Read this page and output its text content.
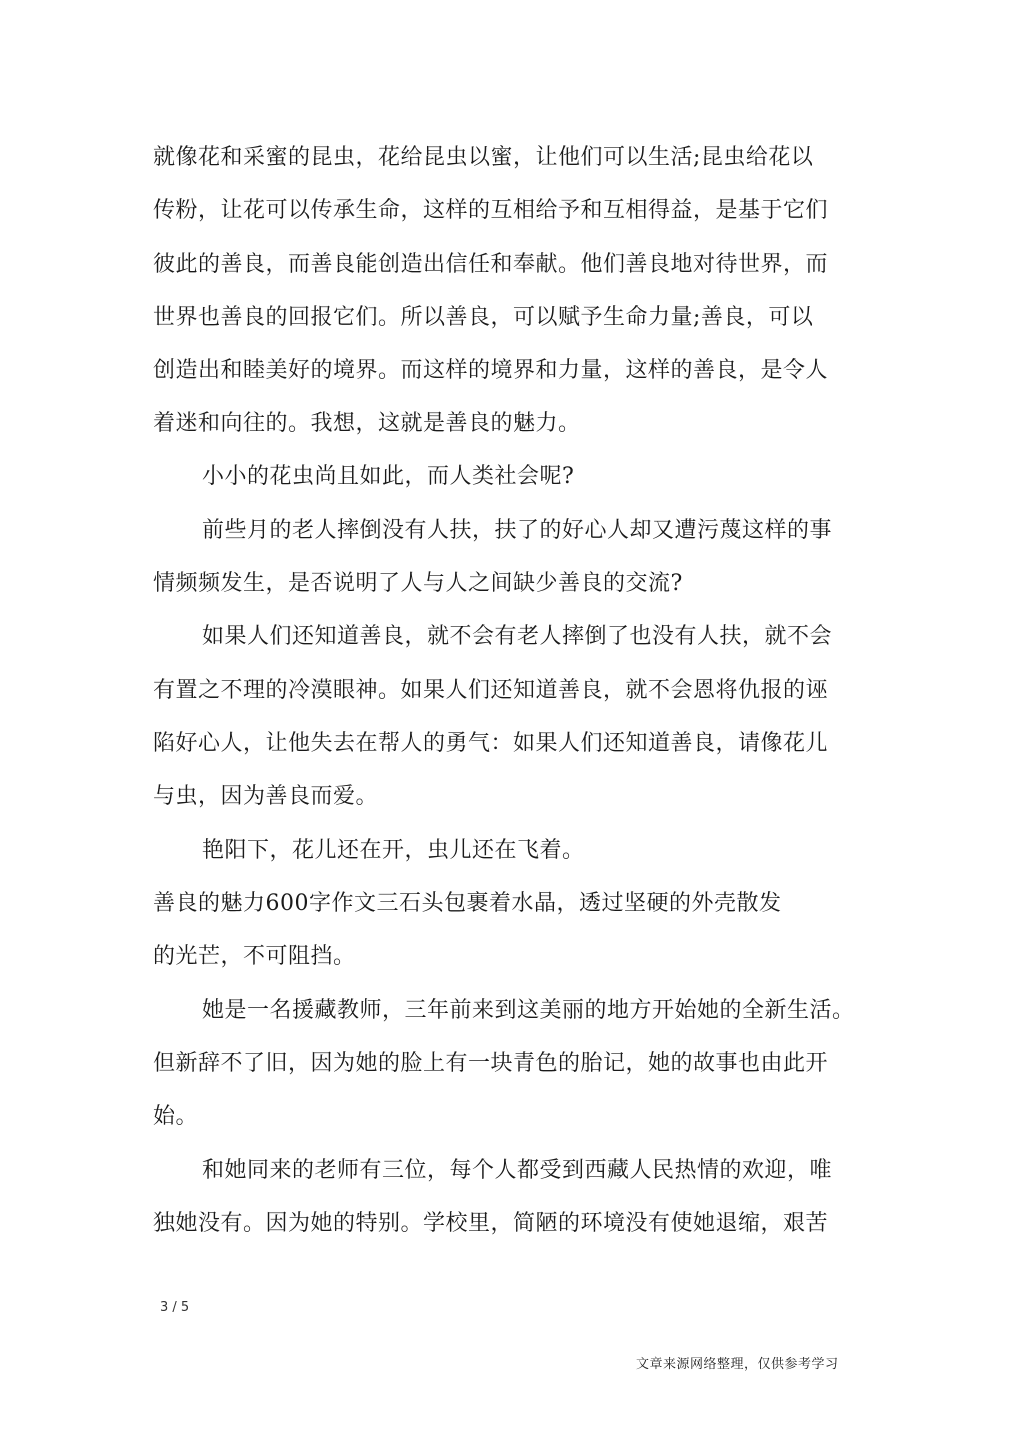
就像花和采蜜的昆虫，花给昆虫以蜜，让他们可以生活;昆虫给花以
传粉，让花可以传承生命，这样的互相给予和互相得益，是基于它们
彼此的善良，而善良能创造出信任和奉献。他们善良地对待世界，而
世界也善良的回报它们。所以善良，可以赋予生命力量;善良，可以
创造出和睦美好的境界。而这样的境界和力量，这样的善良，是令人
着迷和向往的。我想，这就是善良的魅力。
小小的花虫尚且如此，而人类社会呢?
前些月的老人摔倒没有人扶，扶了的好心人却又遭污蔑这样的事
情频频发生，是否说明了人与人之间缺少善良的交流?
如果人们还知道善良，就不会有老人摔倒了也没有人扶，就不会
有置之不理的冷漠眼神。如果人们还知道善良，就不会恩将仇报的诬
陷好心人，让他失去在帮人的勇气：如果人们还知道善良，请像花儿
与虫，因为善良而爱。
艳阳下，花儿还在开，虫儿还在飞着。
善良的魅力600字作文三石头包裹着水晶，透过坚硬的外壳散发
的光芒，不可阻挡。
她是一名援藏教师，三年前来到这美丽的地方开始她的全新生活。
但新辞不了旧，因为她的脸上有一块青色的胎记，她的故事也由此开
始。
和她同来的老师有三位，每个人都受到西藏人民热情的欢迎，唯
独她没有。因为她的特别。学校里，简陋的环境没有使她退缩，艰苦
3 / 5
文章来源网络整理，仅供参考学习
